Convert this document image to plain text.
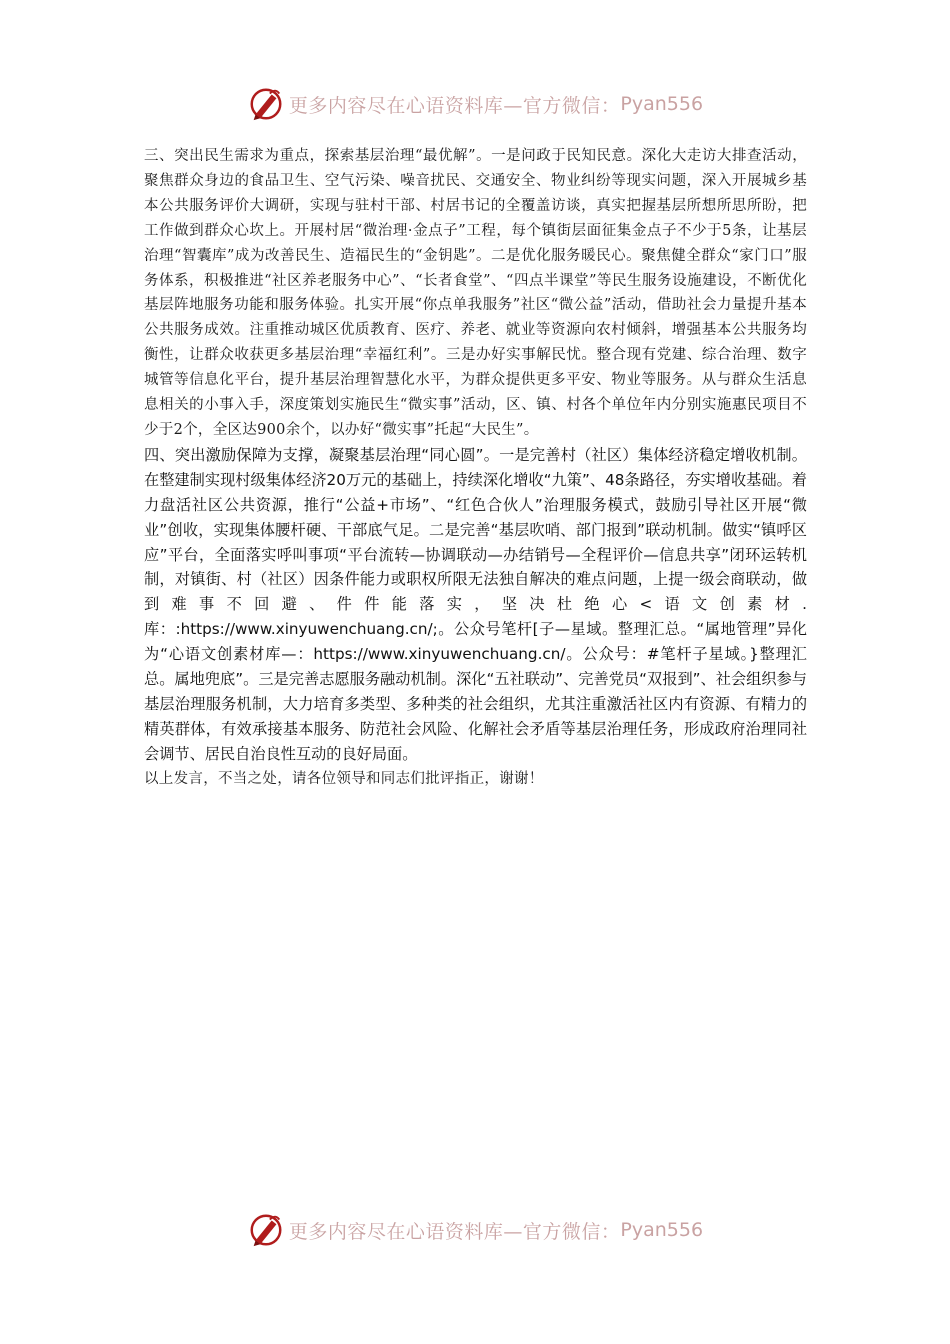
更多内容尽在心语资料库—官方微信： Pyan556

三、突出民生需求为重点，探索基层治理“最优解”。一是问政于民知民意。深化大走访大排查活动，聚焦群众身边的食品卫生、空气污染、噪音扰民、交通安全、物业纠纷等现实问题，深入开展城乡基本公共服务评价大调研，实现与驻村干部、村居书记的全覆盖访谈，真实把握基层所想所思所盼，把工作做到群众心坎上。开展村居“微治理·金点子”工程，每个镇街层面征集金点子不少于5条，让基层治理“智囊库”成为改善民生、造福民生的“金钥匙”。二是优化服务暖民心。聚焦健全群众“家门口”服务体系，积极推进“社区养老服务中心”、“长者食堂”、“四点半课堂”等民生服务设施建设，不断优化基层阵地服务功能和服务体验。扎实开展“你点单我服务”社区“微公益”活动，借助社会力量提升基本公共服务成效。注重推动城区优质教育、医疗、养老、就业等资源向农村倾斜，增强基本公共服务均衡性，让群众收获更多基层治理“幸福红利”。三是办好实事解民忧。整合现有党建、综合治理、数字城管等信息化平台，提升基层治理智慧化水平，为群众提供更多平安、物业等服务。从与群众生活息息相关的小事入手，深度策划实施民生“微实事”活动，区、镇、村各个单位年内分别实施惠民项目不少于2个，全区达900余个，以办好“微实事”托起“大民生”。

四、突出激励保障为支撑，凝聚基层治理“同心圆”。一是完善村（社区）集体经济稳定增收机制。在整建制实现村级集体经济20万元的基础上，持续深化增收“九策”、48条路径，夯实增收基础。着力盘活社区公共资源，推行“公益+市场”、“红色合伙人”治理服务模式，鼓励引导社区开展“微业”创收，实现集体腰杆硬、干部底气足。二是完善“基层吹哨、部门报到”联动机制。做实“镇呼区应”平台，全面落实呼叫事项“平台流转—协调联动—办结销号—全程评价—信息共享”闭环运转机制，对镇街、村（社区）因条件能力或职权所限无法独自解决的难点问题，上提一级会商联动，做到难事不回避、件件能落实，坚决杜绝心<语文创素材.库：:https://www.xinyuwenchuang.cn/;。公众号笔杆[子—星域。整理汇总。“属地管理”异化为“心语文创素材库—：https://www.xinyuwenchuang.cn/。公众号：#笔杆子星域。}整理汇总。属地兜底”。三是完善志愿服务融动机制。深化“五社联动”、完善党员“双报到”、社会组织参与基层治理服务机制，大力培育多类型、多种类的社会组织，尤其注重激活社区内有资源、有精力的精英群体，有效承接基本服务、防范社会风险、化解社会矛盾等基层治理任务，形成政府治理同社会调节、居民自治良性互动的良好局面。

以上发言，不当之处，请各位领导和同志们批评指正，谢谢！

更多内容尽在心语资料库—官方微信： Pyan556
